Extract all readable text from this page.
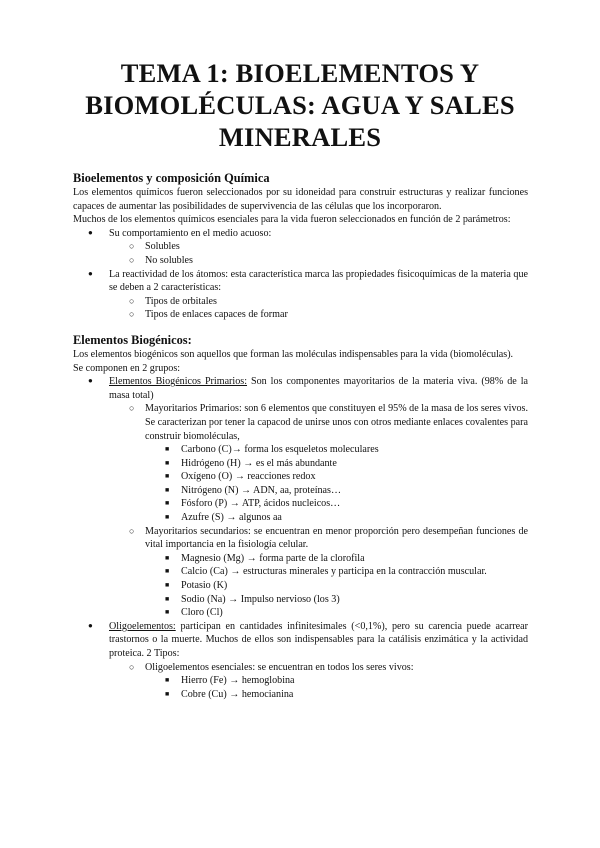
TEMA 1: BIOELEMENTOS Y BIOMOLÉCULAS: AGUA Y SALES MINERALES
Bioelementos y composición Química

Los elementos químicos fueron seleccionados por su idoneidad para construir estructuras y realizar funciones capaces de aumentar las posibilidades de supervivencia de las células que los incorporaron.

Muchos de los elementos químicos esenciales para la vida fueron seleccionados en función de 2 parámetros:

● Su comportamiento en el medio acuoso:
○ Solubles
○ No solubles
● La reactividad de los átomos: esta característica marca las propiedades fisicoquímicas de la materia que se deben a 2 características:
○ Tipos de orbitales
○ Tipos de enlaces capaces de formar
Elementos Biogénicos:

Los elementos biogénicos son aquellos que forman las moléculas indispensables para la vida (biomoléculas).

Se componen en 2 grupos:

● Elementos Biogénicos Primarios: Son los componentes mayoritarios de la materia viva. (98% de la masa total)
○ Mayoritarios Primarios: son 6 elementos que constituyen el 95% de la masa de los seres vivos. Se caracterizan por tener la capacod de unirse unos con otros mediante enlaces covalentes para construir biomoléculas,
■ Carbono (C)→ forma los esqueletos moleculares
■ Hidrógeno (H) → es el más abundante
■ Oxígeno (O) → reacciones redox
■ Nitrógeno (N) → ADN, aa, proteínas…
■ Fósforo (P) → ATP, ácidos nucleicos…
■ Azufre (S) → algunos aa
○ Mayoritarios secundarios: se encuentran en menor proporción pero desempeñan funciones de vital importancia en la fisiología celular.
■ Magnesio (Mg) → forma parte de la clorofila
■ Calcio (Ca) → estructuras minerales y participa en la contracción muscular.
■ Potasio (K)
■ Sodio (Na) → Impulso nervioso (los 3)
■ Cloro (Cl)
● Oligoelementos: participan en cantidades infinitesimales (<0,1%), pero su carencia puede acarrear trastornos o la muerte. Muchos de ellos son indispensables para la catálisis enzimática y la actividad proteica. 2 Tipos:
○ Oligoelementos esenciales: se encuentran en todos los seres vivos:
■ Hierro (Fe) → hemoglobina
■ Cobre (Cu) → hemocianina
